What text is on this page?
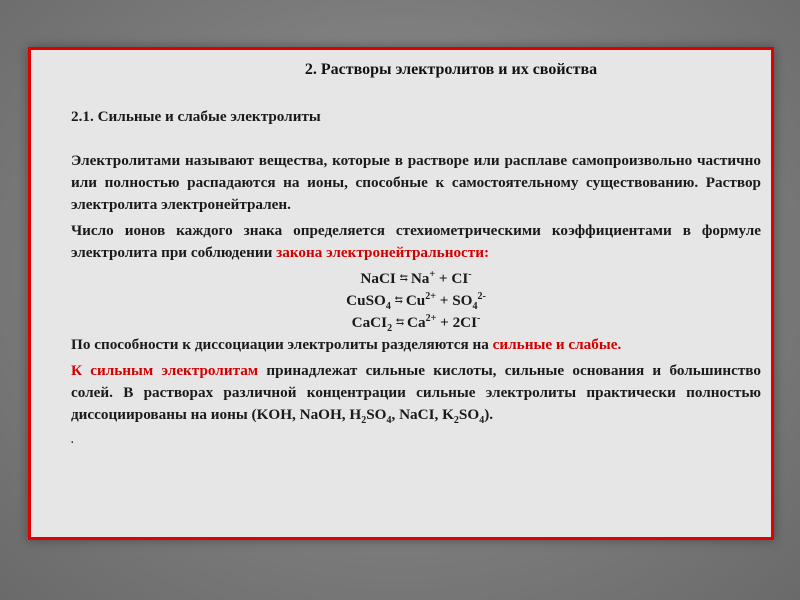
2. Растворы электролитов и их свойства
2.1. Сильные и слабые электролиты

Электролитами называют вещества, которые в растворе или расплаве самопроизвольно частично или полностью распадаются на ионы, способные к самостоятельному существованию. Раствор электролита электронейтрален.

Число ионов каждого знака определяется стехиометрическими коэффициентами в формуле электролита при соблюдении закона электронейтральности:

NaCI ⇆ Na+ + CI-
CuSO$_4$ ⇆ $Cu^{2+} + SO_4^{2-}$
CaCI$_2$ ⇆ $Ca^{2+} + 2CI^-$

По способности к диссоциации электролиты разделяются на сильные и слабые.

К сильным электролитам принадлежат сильные кислоты, сильные основания и большинство солей. В растворах различной концентрации сильные электролиты практически полностью диссоциированы на ионы (KOH, NaOH, $H_2SO_4$, NaCI, $K_2SO_4$).

.
